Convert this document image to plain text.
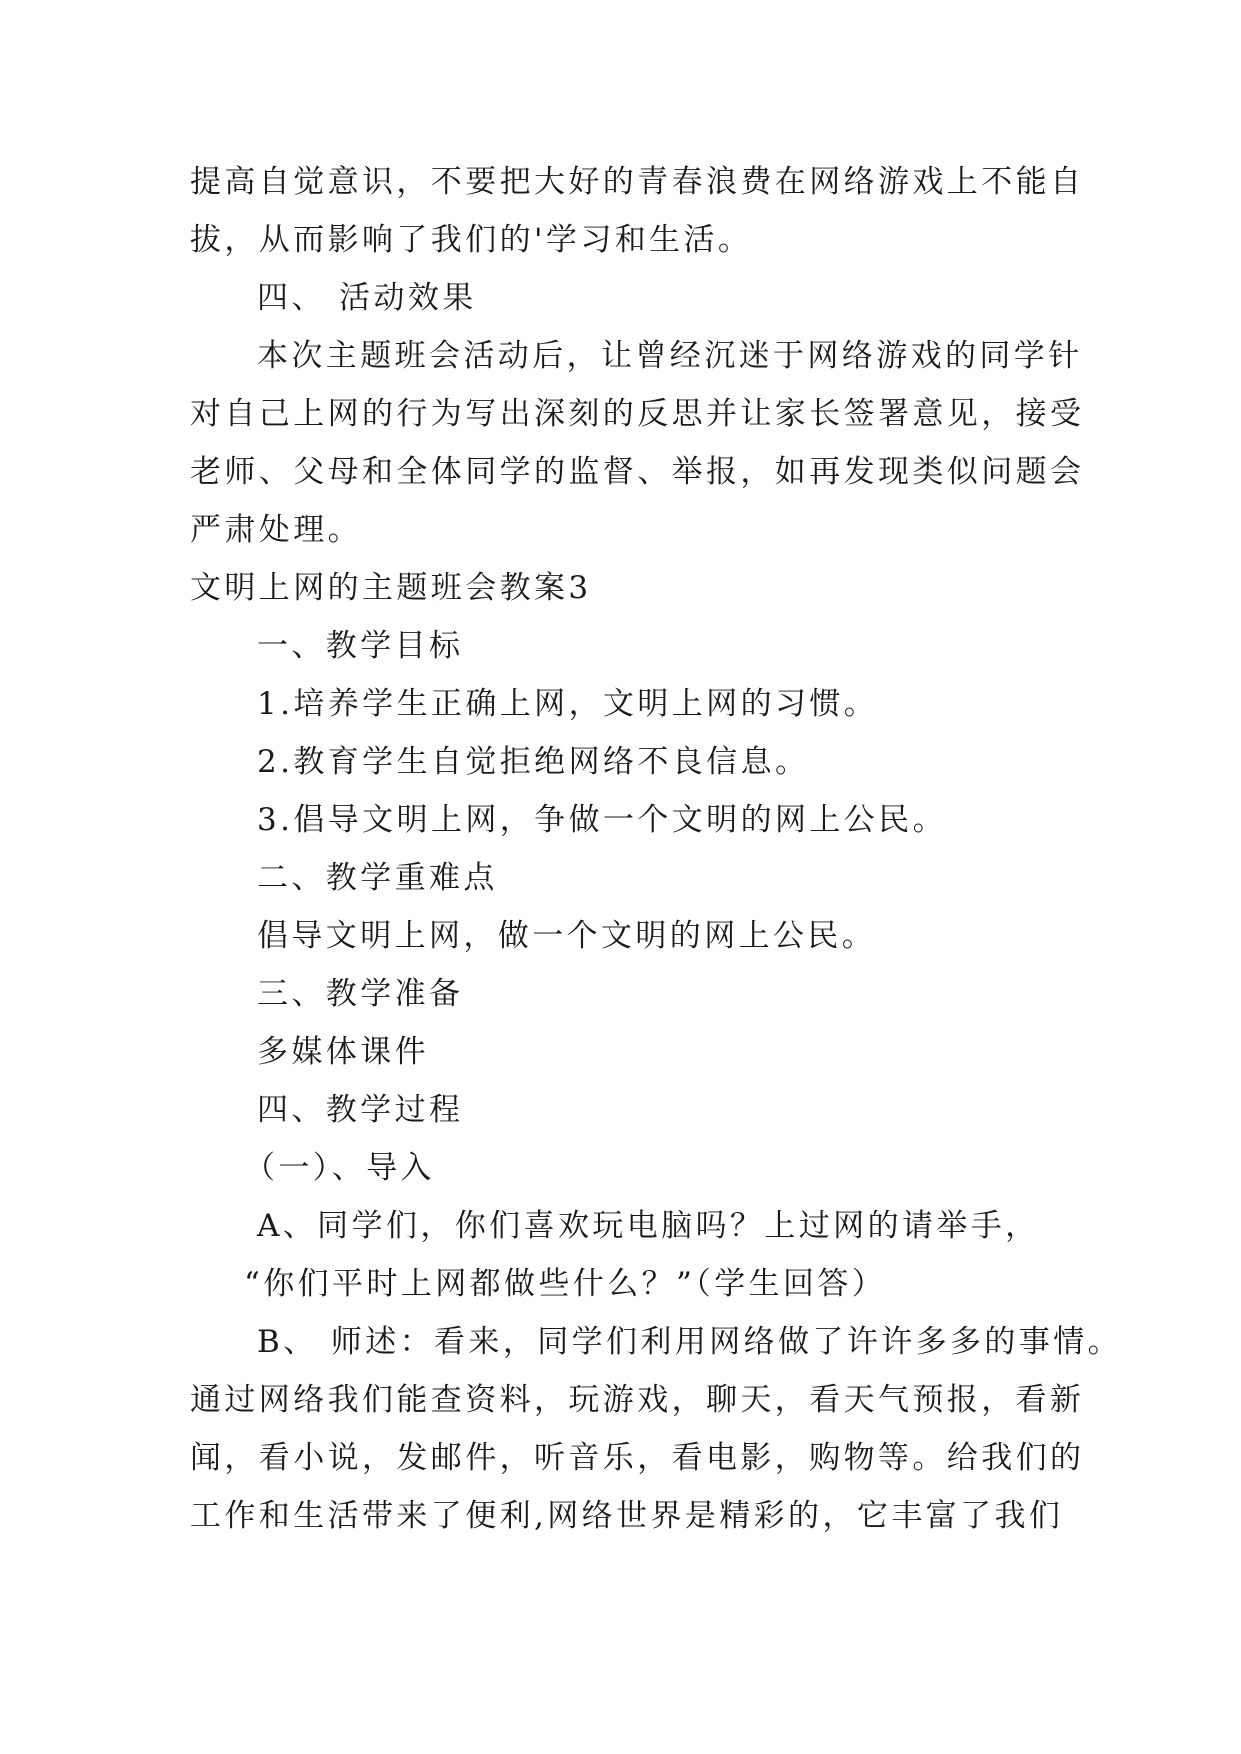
提高自觉意识，不要把大好的青春浪费在网络游戏上不能自
拔，从而影响了我们的'学习和生活。
四、 活动效果
本次主题班会活动后，让曾经沉迷于网络游戏的同学针
对自己上网的行为写出深刻的反思并让家长签署意见，接受
老师、父母和全体同学的监督、举报，如再发现类似问题会
严肃处理。
文明上网的主题班会教案3
一、教学目标
1.培养学生正确上网，文明上网的习惯。
2.教育学生自觉拒绝网络不良信息。
3.倡导文明上网，争做一个文明的网上公民。
二、教学重难点
倡导文明上网，做一个文明的网上公民。
三、教学准备
多媒体课件
四、教学过程
（一）、导入
A、同学们，你们喜欢玩电脑吗？上过网的请举手，
“你们平时上网都做些什么？”（学生回答）
B、 师述：看来，同学们利用网络做了许许多多的事情。
通过网络我们能查资料，玩游戏，聊天，看天气预报，看新
闻，看小说，发邮件，听音乐，看电影，购物等。给我们的
工作和生活带来了便利,网络世界是精彩的，它丰富了我们
